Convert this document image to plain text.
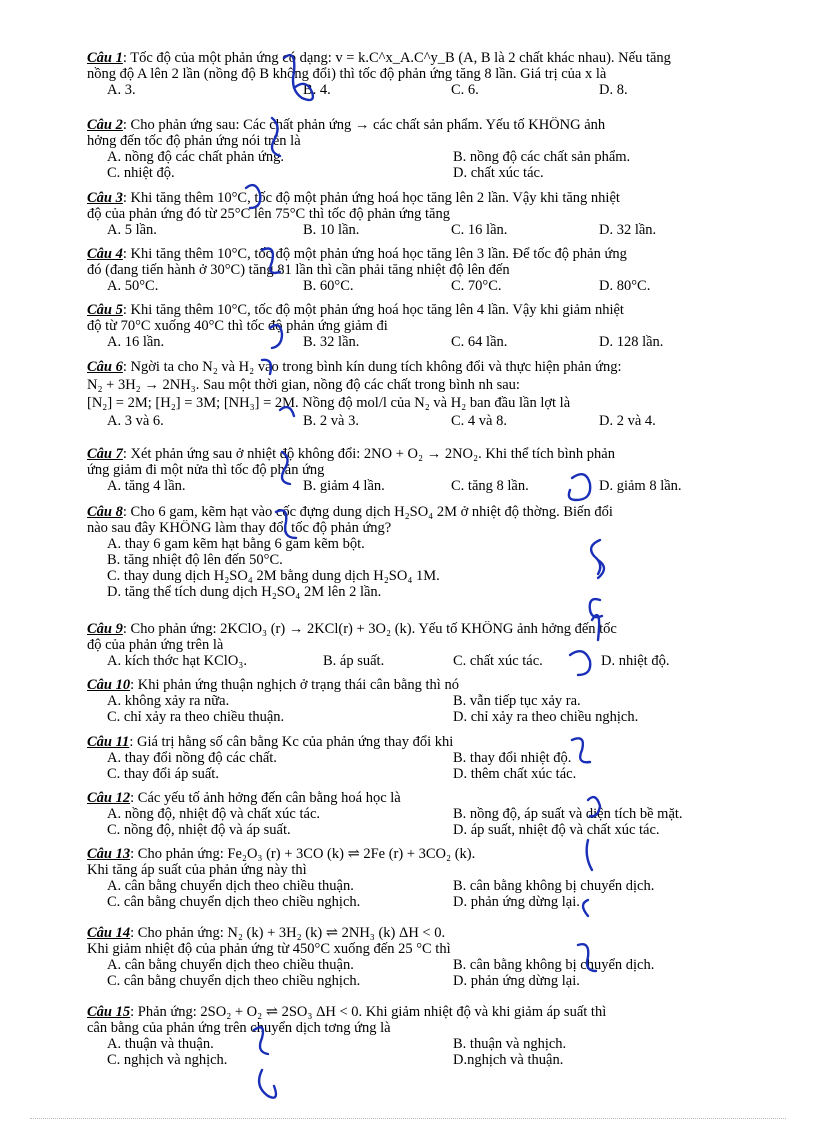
Câu 1: Tốc độ của một phản ứng có dạng: v = k.C^x_A.C^y_B (A, B là 2 chất khác nhau). Nếu tăng
nồng độ A lên 2 lần (nồng độ B không đổi) thì tốc độ phản ứng tăng 8 lần. Giá trị của x là
A. 3.	B. 4.	C. 6.	D. 8.
Câu 2: Cho phản ứng sau: Các chất phản ứng → các chất sản phẩm. Yếu tố KHÔNG ảnh
hởng đến tốc độ phản ứng nói trên là
A. nồng độ các chất phản ứng.	B. nồng độ các chất sản phẩm.
C. nhiệt độ.	D. chất xúc tác.
Câu 3: Khi tăng thêm 10°C, tốc độ một phản ứng hoá học tăng lên 2 lần. Vậy khi tăng nhiệt
độ của phản ứng đó từ 25°C lên 75°C thì tốc độ phản ứng tăng
A. 5 lần.	B. 10 lần.	C. 16 lần.	D. 32 lần.
Câu 4: Khi tăng thêm 10°C, tốc độ một phản ứng hoá học tăng lên 3 lần. Để tốc độ phản ứng
đó (đang tiến hành ở 30°C) tăng 81 lần thì cần phải tăng nhiệt độ lên đến
A. 50°C.	B. 60°C.	C. 70°C.	D. 80°C.
Câu 5: Khi tăng thêm 10°C, tốc độ một phản ứng hoá học tăng lên 4 lần. Vậy khi giảm nhiệt
độ từ 70°C xuống 40°C thì tốc độ phản ứng giảm đi
A. 16 lần.	B. 32 lần.	C. 64 lần.	D. 128 lần.
Câu 6: Ngời ta cho N₂ và H₂ vào trong bình kín dung tích không đổi và thực hiện phản ứng:
N₂ + 3H₂ → 2NH₃. Sau một thời gian, nồng độ các chất trong bình nh sau:
[N₂] = 2M; [H₂] = 3M; [NH₃] = 2M. Nồng độ mol/l của N₂ và H₂ ban đầu lần lợt là
A. 3 và 6.	B. 2 và 3.	C. 4 và 8.	D. 2 và 4.
Câu 7: Xét phản ứng sau ở nhiệt độ không đổi: 2NO + O₂ → 2NO₂. Khi thể tích bình phản
ứng giảm đi một nửa thì tốc độ phản ứng
A. tăng 4 lần.	B. giảm 4 lần.	C. tăng 8 lần.	D. giảm 8 lần.
Câu 8: Cho 6 gam, kẽm hạt vào cốc đựng dung dịch H₂SO₄ 2M ở nhiệt độ thờng. Biến đổi
nào sau đây KHÔNG làm thay đổi tốc độ phản ứng?
A. thay 6 gam kẽm hạt bằng 6 gam kẽm bột.
B. tăng nhiệt độ lên đến 50°C.
C. thay dung dịch H₂SO₄ 2M bằng dung dịch H₂SO₄ 1M.
D. tăng thể tích dung dịch H₂SO₄ 2M lên 2 lần.
Câu 9: Cho phản ứng: 2KClO₃ (r) → 2KCl(r) + 3O₂ (k). Yếu tố KHÔNG ảnh hởng đến tốc
độ của phản ứng trên là
A. kích thớc hạt KClO₃.	B. áp suất.	C. chất xúc tác.	D. nhiệt độ.
Câu 10: Khi phản ứng thuận nghịch ở trạng thái cân bằng thì nó
A. không xảy ra nữa.	B. vẫn tiếp tục xảy ra.
C. chỉ xảy ra theo chiều thuận.	D. chỉ xảy ra theo chiều nghịch.
Câu 11: Giá trị hằng số cân bằng Kc của phản ứng thay đổi khi
A. thay đổi nồng độ các chất.	B. thay đổi nhiệt độ.
C. thay đổi áp suất.	D. thêm chất xúc tác.
Câu 12: Các yếu tố ảnh hởng đến cân bằng hoá học là
A. nồng độ, nhiệt độ và chất xúc tác.	B. nồng độ, áp suất và diện tích bề mặt.
C. nồng độ, nhiệt độ và áp suất.	D. áp suất, nhiệt độ và chất xúc tác.
Câu 13: Cho phản ứng: Fe₂O₃ (r) + 3CO (k) ⇌ 2Fe (r) + 3CO₂ (k).
Khi tăng áp suất của phản ứng này thì
A. cân bằng chuyển dịch theo chiều thuận.	B. cân bằng không bị chuyển dịch.
C. cân bằng chuyển dịch theo chiều nghịch.	D. phản ứng dừng lại.
Câu 14: Cho phản ứng: N₂ (k) + 3H₂ (k) ⇌ 2NH₃ (k) ΔH < 0.
Khi giảm nhiệt độ của phản ứng từ 450°C xuống đến 25 °C thì
A. cân bằng chuyển dịch theo chiều thuận.	B. cân bằng không bị chuyển dịch.
C. cân bằng chuyển dịch theo chiều nghịch.	D. phản ứng dừng lại.
Câu 15: Phản ứng: 2SO₂ + O₂ ⇌ 2SO₃ ΔH < 0. Khi giảm nhiệt độ và khi giảm áp suất thì
cân bằng của phản ứng trên chuyển dịch tơng ứng là
A. thuận và thuận.	B. thuận và nghịch.
C. nghịch và nghịch.	D.nghịch và thuận.
